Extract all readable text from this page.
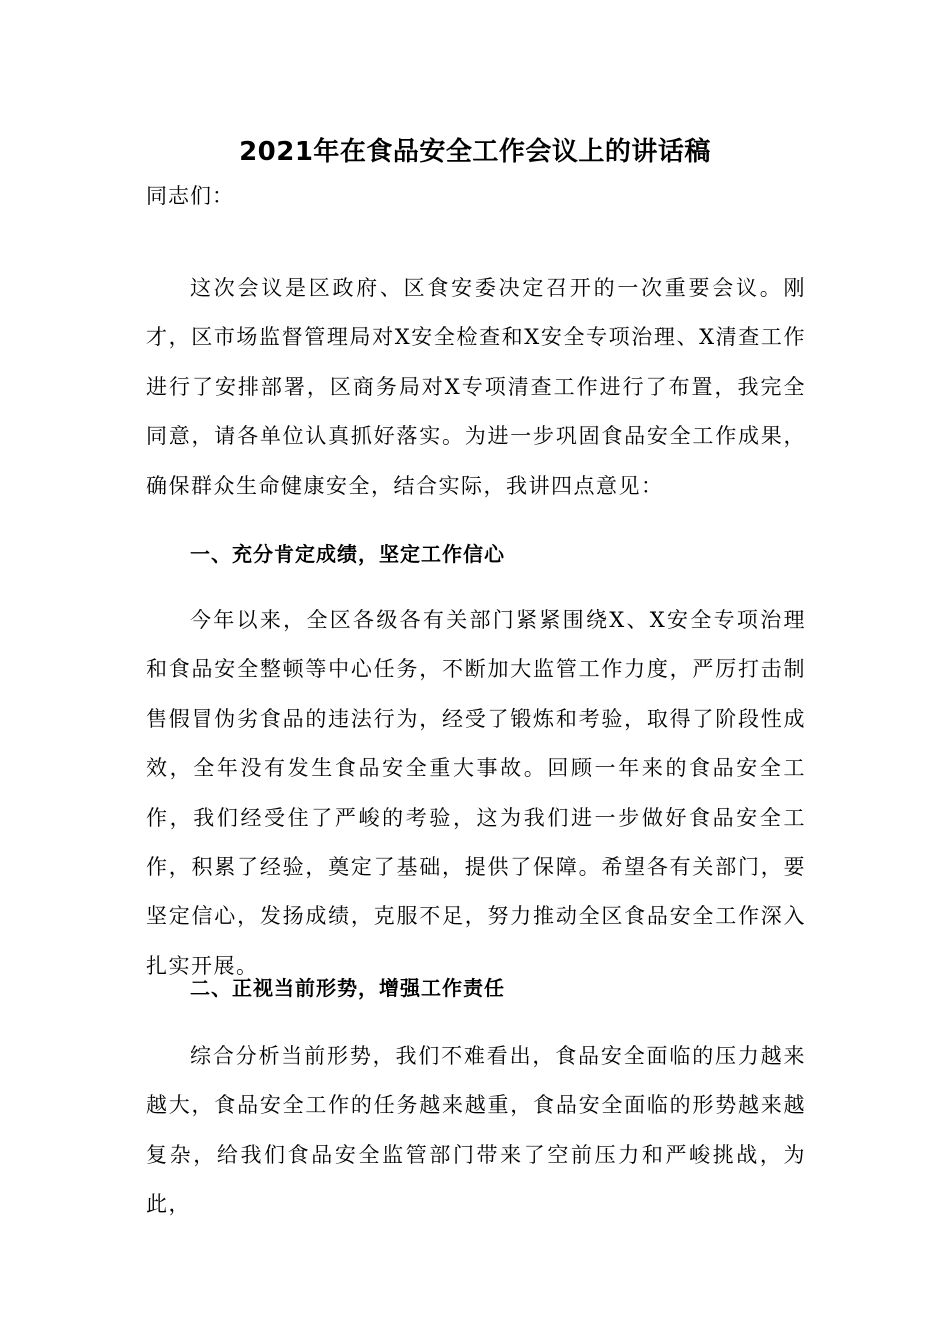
2021年在食品安全工作会议上的讲话稿
同志们：

这次会议是区政府、区食安委决定召开的一次重要会议。刚才，区市场监督管理局对X安全检查和X安全专项治理、X清查工作进行了安排部署，区商务局对X专项清查工作进行了布置，我完全同意，请各单位认真抓好落实。为进一步巩固食品安全工作成果，确保群众生命健康安全，结合实际，我讲四点意见：

一、充分肯定成绩，坚定工作信心

今年以来，全区各级各有关部门紧紧围绕X、X安全专项治理和食品安全整顿等中心任务，不断加大监管工作力度，严厉打击制售假冒伪劣食品的违法行为，经受了锻炼和考验，取得了阶段性成效，全年没有发生食品安全重大事故。回顾一年来的食品安全工作，我们经受住了严峻的考验，这为我们进一步做好食品安全工作，积累了经验，奠定了基础，提供了保障。希望各有关部门，要坚定信心，发扬成绩，克服不足，努力推动全区食品安全工作深入扎实开展。

二、正视当前形势，增强工作责任

综合分析当前形势，我们不难看出，食品安全面临的压力越来越大，食品安全工作的任务越来越重，食品安全面临的形势越来越复杂，给我们食品安全监管部门带来了空前压力和严峻挑战，为此，
